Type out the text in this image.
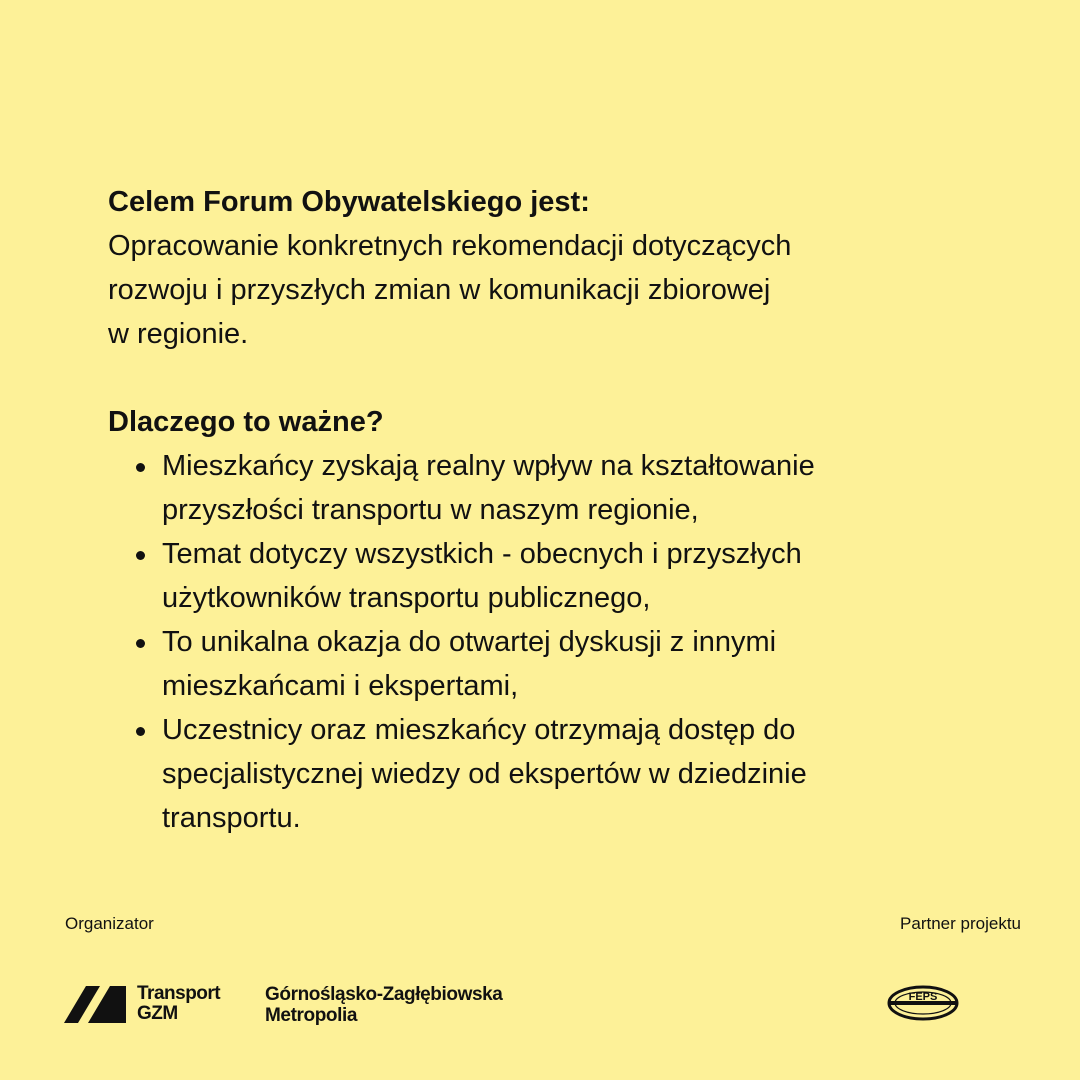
Celem Forum Obywatelskiego jest:

Opracowanie konkretnych rekomendacji dotyczących
rozwoju i przyszłych zmian w komunikacji zbiorowej
w regionie.

Dlaczego to ważne?

Mieszkańcy zyskają realny wpływ na kształtowanie
przyszłości transportu w naszym regionie,
Temat dotyczy wszystkich - obecnych i przyszłych
użytkowników transportu publicznego,
To unikalna okazja do otwartej dyskusji z innymi
mieszkańcami i ekspertami,
Uczestnicy oraz mieszkańcy otrzymają dostęp do
specjalistycznej wiedzy od ekspertów w dziedzinie
transportu.
Organizator	Partner projektu
Transport
GZM
Górnośląsko-Zagłębiowska
Metropolia
FEPS
